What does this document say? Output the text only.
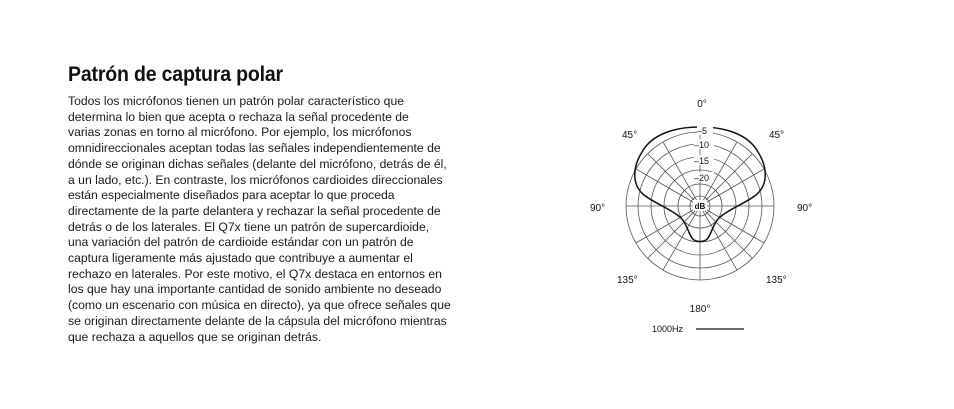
Patrón de captura polar
Todos los micrófonos tienen un patrón polar característico que
determina lo bien que acepta o rechaza la señal procedente de
varias zonas en torno al micrófono. Por ejemplo, los micrófonos
omnidireccionales aceptan todas las señales independientemente de
dónde se originan dichas señales (delante del micrófono, detrás de él,
a un lado, etc.). En contraste, los micrófonos cardioides direccionales
están especialmente diseñados para aceptar lo que proceda
directamente de la parte delantera y rechazar la señal procedente de
detrás o de los laterales. El Q7x tiene un patrón de supercardioide,
una variación del patrón de cardioide estándar con un patrón de
captura ligeramente más ajustado que contribuye a aumentar el
rechazo en laterales. Por este motivo, el Q7x destaca en entornos en
los que hay una importante cantidad de sonido ambiente no deseado
(como un escenario con música en directo), ya que ofrece señales que
se originan directamente delante de la cápsula del micrófono mientras
que rechaza a aquellos que se originan detrás.
–5
–10
–15
–20
dB
0°
45°	45°
90°	90°
135°	135°
180°
1000Hz
